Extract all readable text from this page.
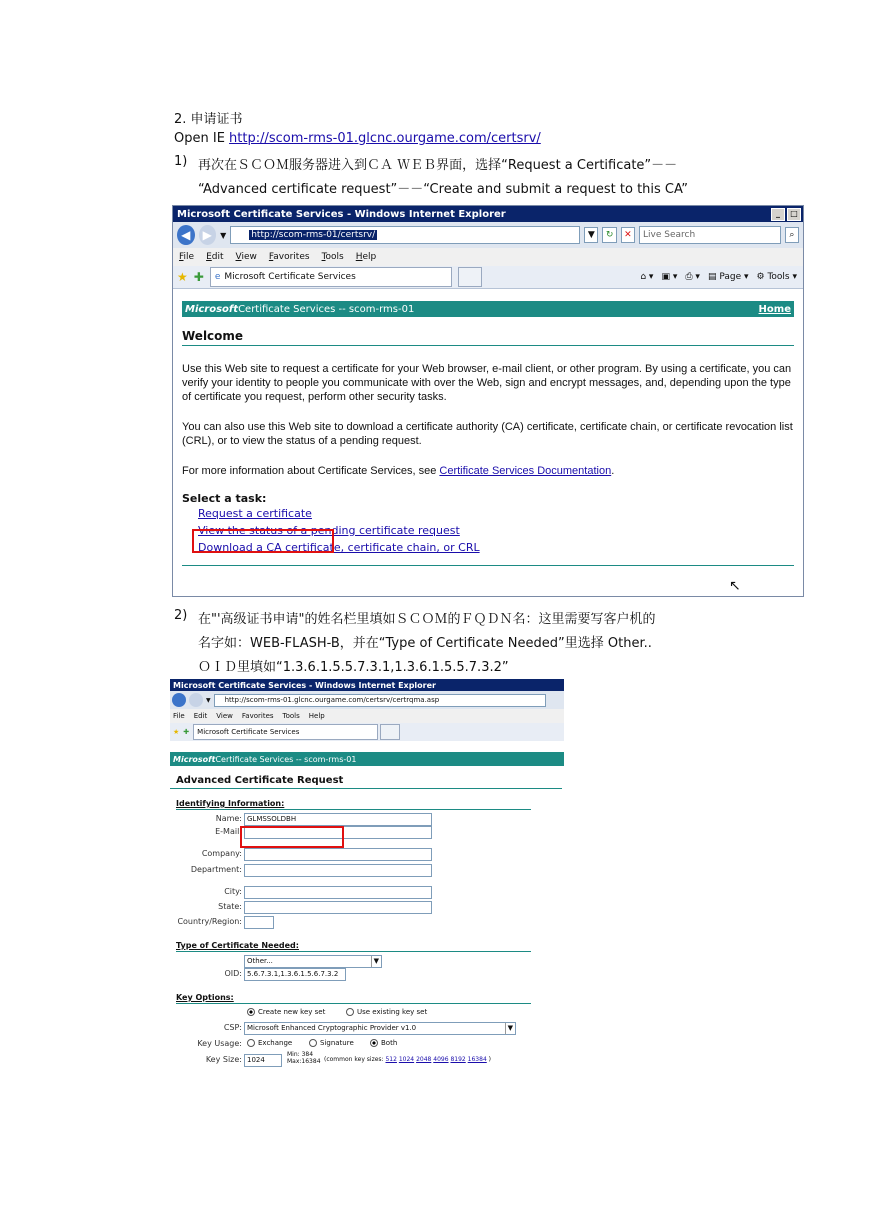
2. 申请证书
Open IE http://scom-rms-01.glcnc.ourgame.com/certsrv/
1) 再次在ＳＣＯＭ服务器进入到ＣＡ ＷＥＢ界面，选择“Request a Certificate”－－
“Advanced certificate request”－－“Create and submit a request to this CA”
Microsoft Certificate Services - Windows Internet Explorer	_	□
◀	▶	▼	http://scom-rms-01/certsrv/	▼	↻	✕	Live Search	⌕
File Edit View Favorites Tools Help
★ ✚ e Microsoft Certificate Services	⌂ ▾ ▣ ▾ ⎙ ▾ ▤ Page ▾ ⚙ Tools ▾
Microsoft Certificate Services -- scom-rms-01	Home
Welcome
Use this Web site to request a certificate for your Web browser, e-mail client, or other program. By using a certificate, you can verify your identity to people you communicate with over the Web, sign and encrypt messages, and, depending upon the type of certificate you request, perform other security tasks.
You can also use this Web site to download a certificate authority (CA) certificate, certificate chain, or certificate revocation list (CRL), or to view the status of a pending request.
For more information about Certificate Services, see Certificate Services Documentation.
Select a task:
Request a certificate
View the status of a pending certificate request
Download a CA certificate, certificate chain, or CRL
↖
2) 在"'高级证书申请"的姓名栏里填如ＳＣＯＭ的ＦＱＤＮ名：这里需要写客户机的
名字如：WEB-FLASH-B，并在“Type of Certificate Needed”里选择 Other..
ＯＩＤ里填如“1.3.6.1.5.5.7.3.1,1.3.6.1.5.5.7.3.2”
Microsoft Certificate Services - Windows Internet Explorer
▼	http://scom-rms-01.glcnc.ourgame.com/certsrv/certrqma.asp
File Edit View Favorites Tools Help
★ ✚	Microsoft Certificate Services
Microsoft Certificate Services -- scom-rms-01
Advanced Certificate Request
Identifying Information:
Name: GLMSSOLDBH
E-Mail:
Company:
Department:
City:
State:
Country/Region:
Type of Certificate Needed:
Other...	▼
OID: 5.6.7.3.1,1.3.6.1.5.6.7.3.2
Key Options:
Create new key set	Use existing key set
CSP: Microsoft Enhanced Cryptographic Provider v1.0	▼
Key Usage:	Exchange	Signature	Both
Key Size: 1024
Min: 384
Max:16384 (common key sizes: 512 1024 2048 4096 8192 16384 )
